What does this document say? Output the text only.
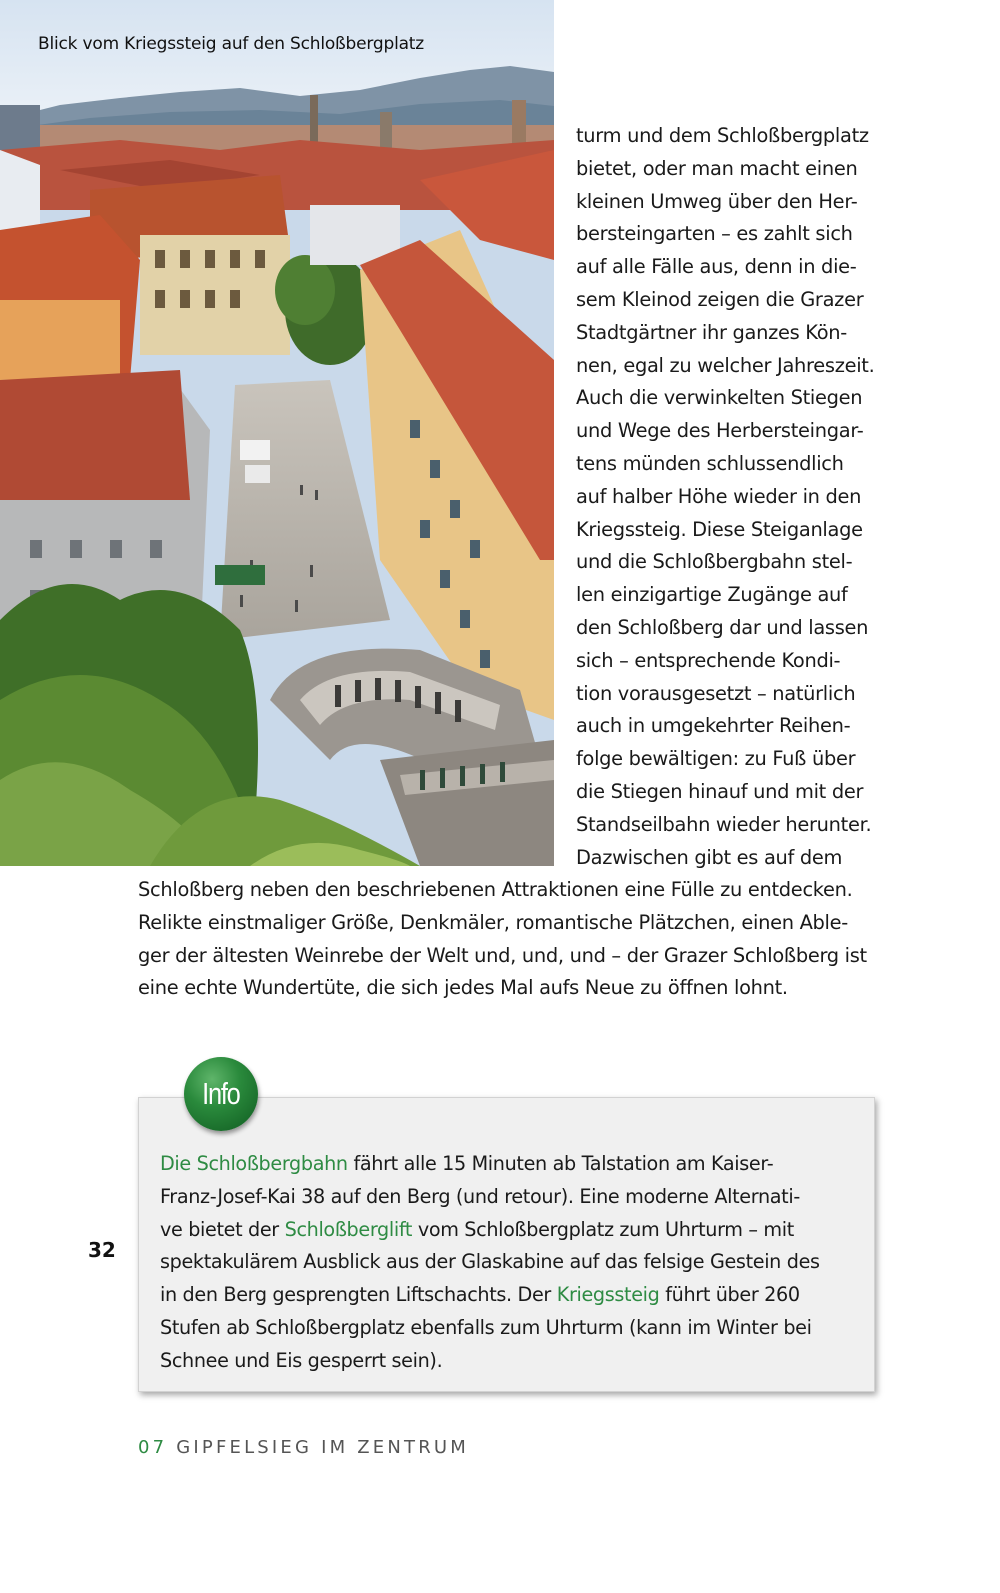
Blick vom Kriegssteig auf den Schloßbergplatz
turm und dem Schloßbergplatz
bietet, oder man macht einen
kleinen Umweg über den Her-
bersteingarten – es zahlt sich
auf alle Fälle aus, denn in die-
sem Kleinod zeigen die Grazer
Stadtgärtner ihr ganzes Kön-
nen, egal zu welcher Jahreszeit.
Auch die verwinkelten Stiegen
und Wege des Herbersteingar-
tens münden schlussendlich
auf halber Höhe wieder in den
Kriegssteig. Diese Steiganlage
und die Schloßbergbahn stel-
len einzigartige Zugänge auf
den Schloßberg dar und lassen
sich – entsprechende Kondi-
tion vorausgesetzt – natürlich
auch in umgekehrter Reihen-
folge bewältigen: zu Fuß über
die Stiegen hinauf und mit der
Standseilbahn wieder herunter.
Dazwischen gibt es auf dem
Schloßberg neben den beschriebenen Attraktionen eine Fülle zu entdecken.
Relikte einstmaliger Größe, Denkmäler, romantische Plätzchen, einen Able-
ger der ältesten Weinrebe der Welt und, und, und – der Grazer Schloßberg ist
eine echte Wundertüte, die sich jedes Mal aufs Neue zu öffnen lohnt.
Info
Die Schloßbergbahn fährt alle 15 Minuten ab Talstation am Kaiser-
Franz-Josef-Kai 38 auf den Berg (und retour). Eine moderne Alternati-
ve bietet der Schloßberglift vom Schloßbergplatz zum Uhrturm – mit
spektakulärem Ausblick aus der Glaskabine auf das felsige Gestein des
in den Berg gesprengten Liftschachts. Der Kriegssteig führt über 260
Stufen ab Schloßbergplatz ebenfalls zum Uhrturm (kann im Winter bei
Schnee und Eis gesperrt sein).
32
07 GIPFELSIEG IM ZENTRUM
